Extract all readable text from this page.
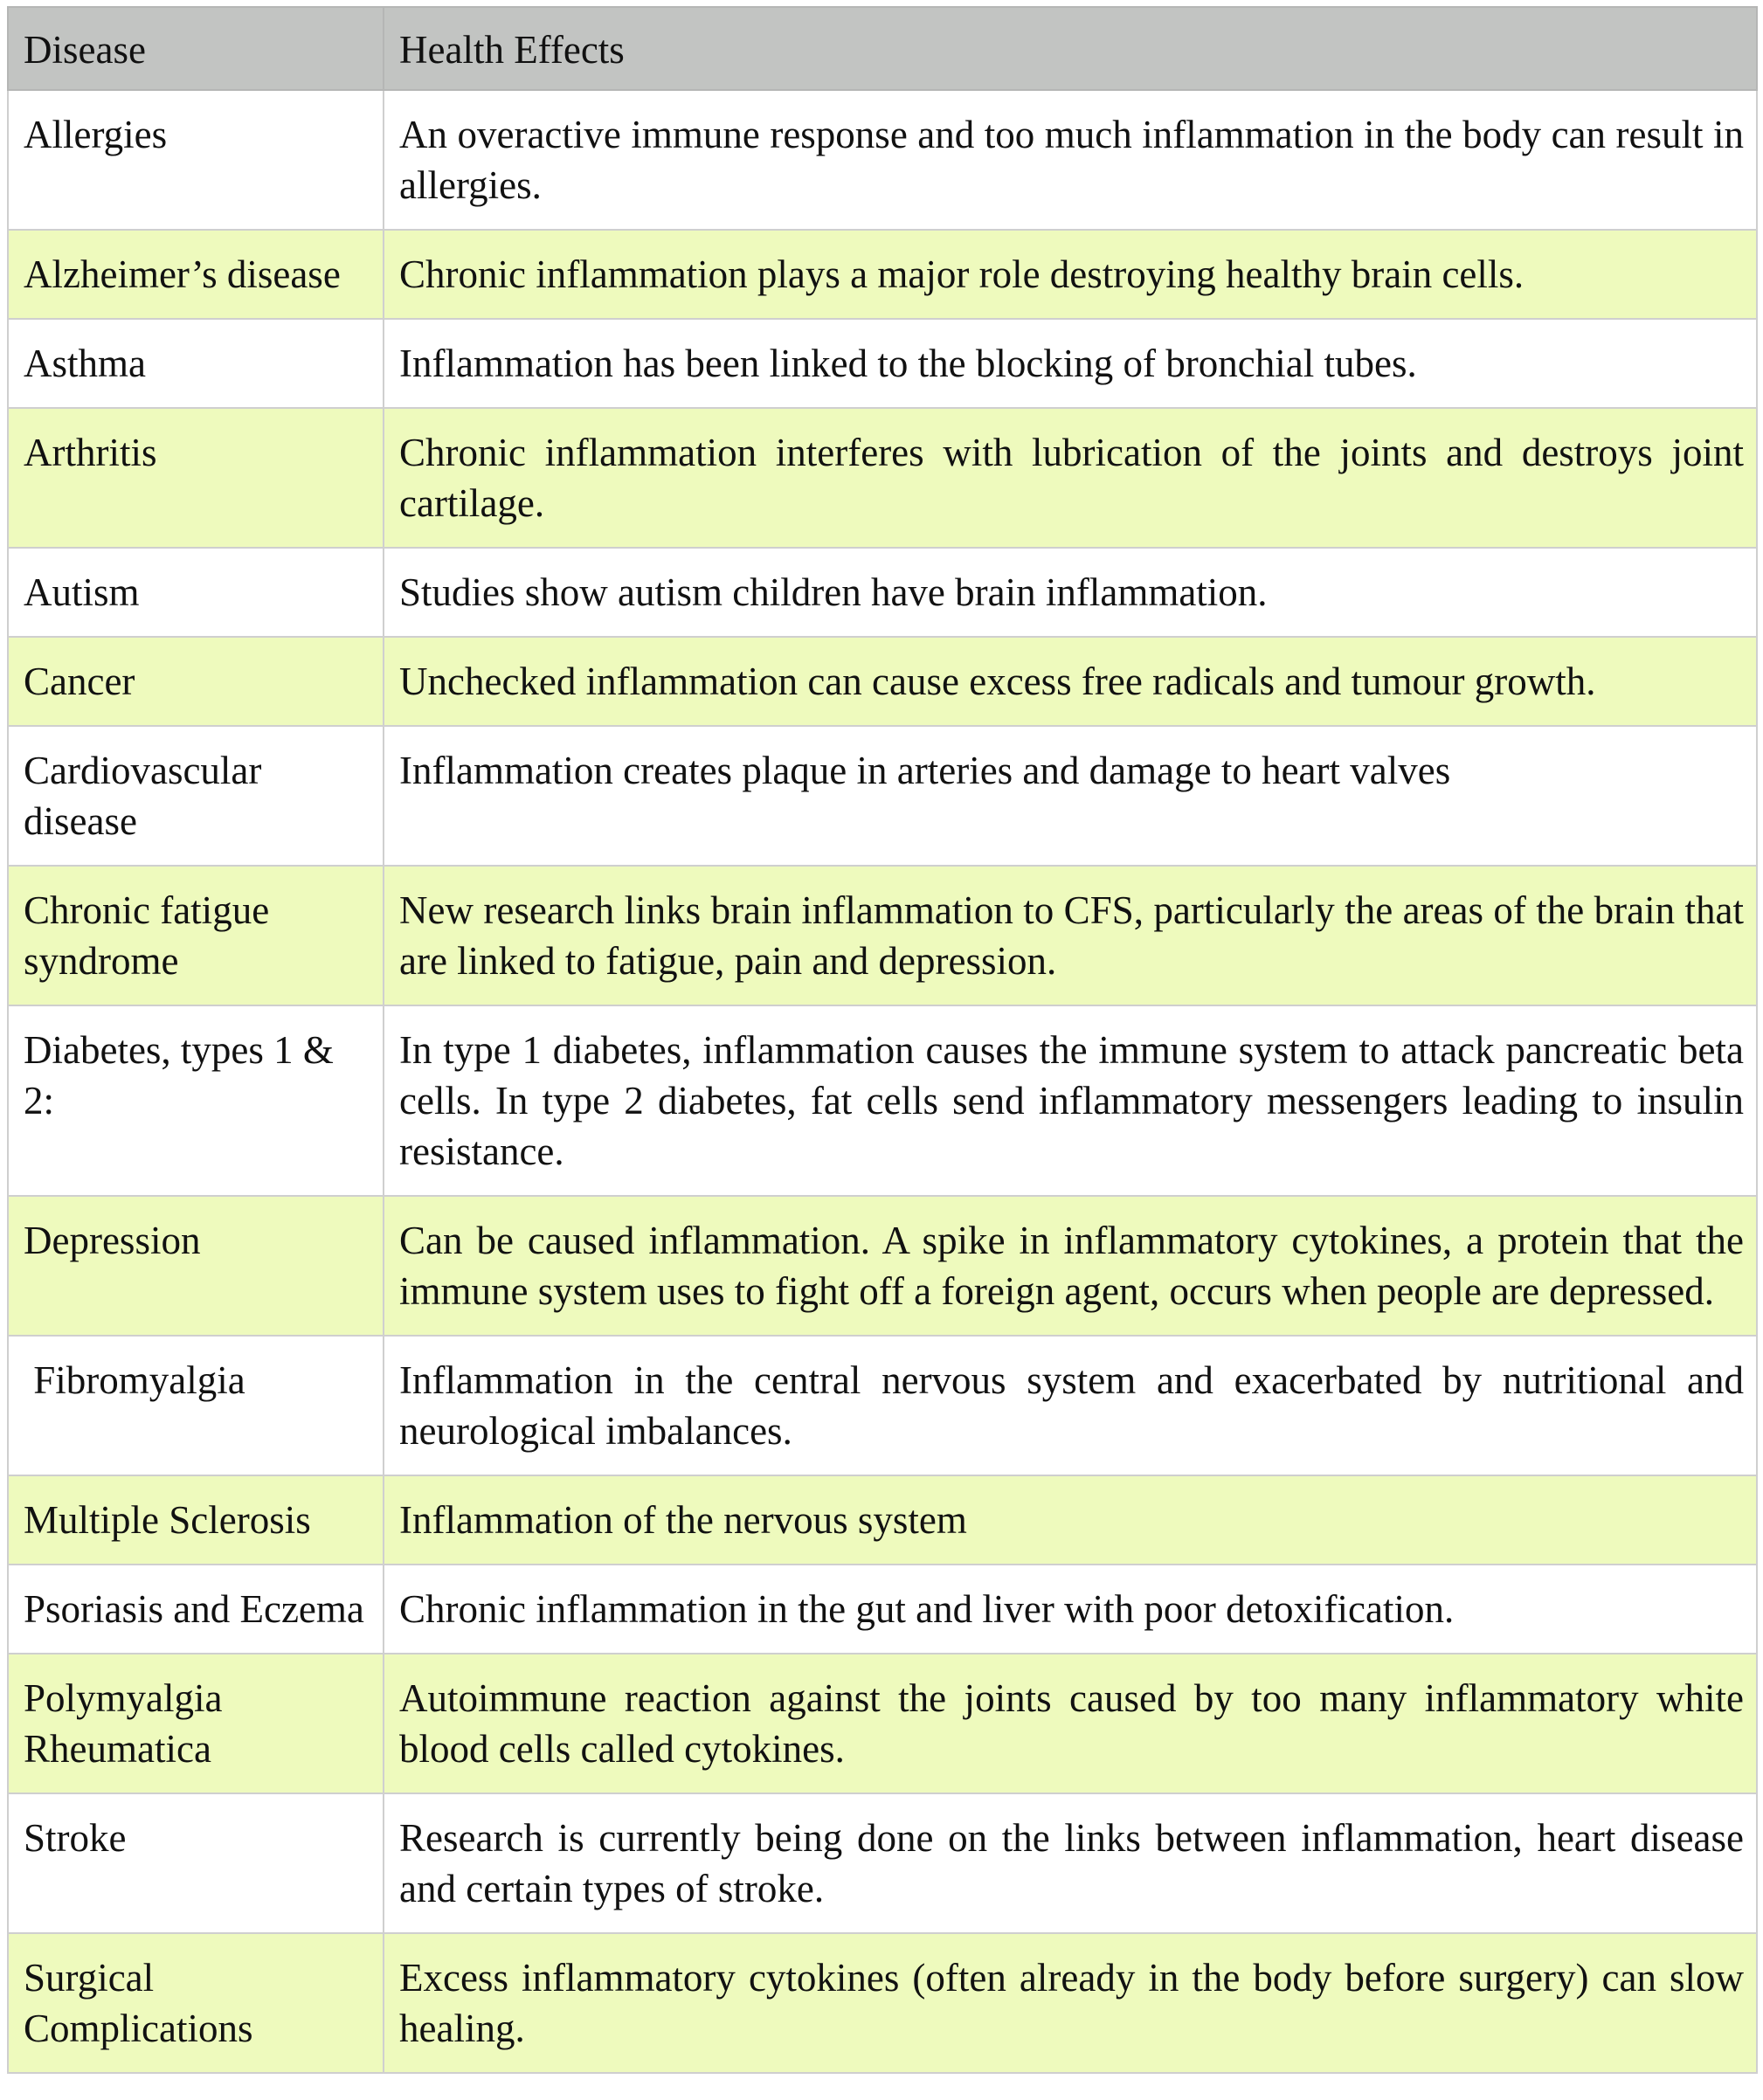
Disease	Health Effects
Allergies	An overactive immune response and too much inflammation in the body can result in allergies.
Alzheimer’s disease	Chronic inflammation plays a major role destroying healthy brain cells.
Asthma	Inflammation has been linked to the blocking of bronchial tubes.
Arthritis	Chronic inflammation interferes with lubrication of the joints and destroys joint cartilage.
Autism	Studies show autism children have brain inflammation.
Cancer	Unchecked inflammation can cause excess free radicals and tumour growth.
Cardiovascular disease	Inflammation creates plaque in arteries and damage to heart valves
Chronic fatigue syndrome	New research links brain inflammation to CFS, particularly the areas of the brain that are linked to fatigue, pain and depression.
Diabetes, types 1 & 2:	In type 1 diabetes, inflammation causes the immune system to attack pancreatic beta cells. In type 2 diabetes, fat cells send inflammatory messengers leading to insulin resistance.
Depression	Can be caused inflammation. A spike in inflammatory cytokines, a protein that the immune system uses to fight off a foreign agent, occurs when people are depressed.
Fibromyalgia	Inflammation in the central nervous system and exacerbated by nutritional and neurological imbalances.
Multiple Sclerosis	Inflammation of the nervous system
Psoriasis and Eczema	Chronic inflammation in the gut and liver with poor detoxification.
Polymyalgia Rheumatica	Autoimmune reaction against the joints caused by too many inflammatory white blood cells called cytokines.
Stroke	Research is currently being done on the links between inflammation, heart disease and certain types of stroke.
Surgical Complications	Excess inflammatory cytokines (often already in the body before surgery) can slow healing.
